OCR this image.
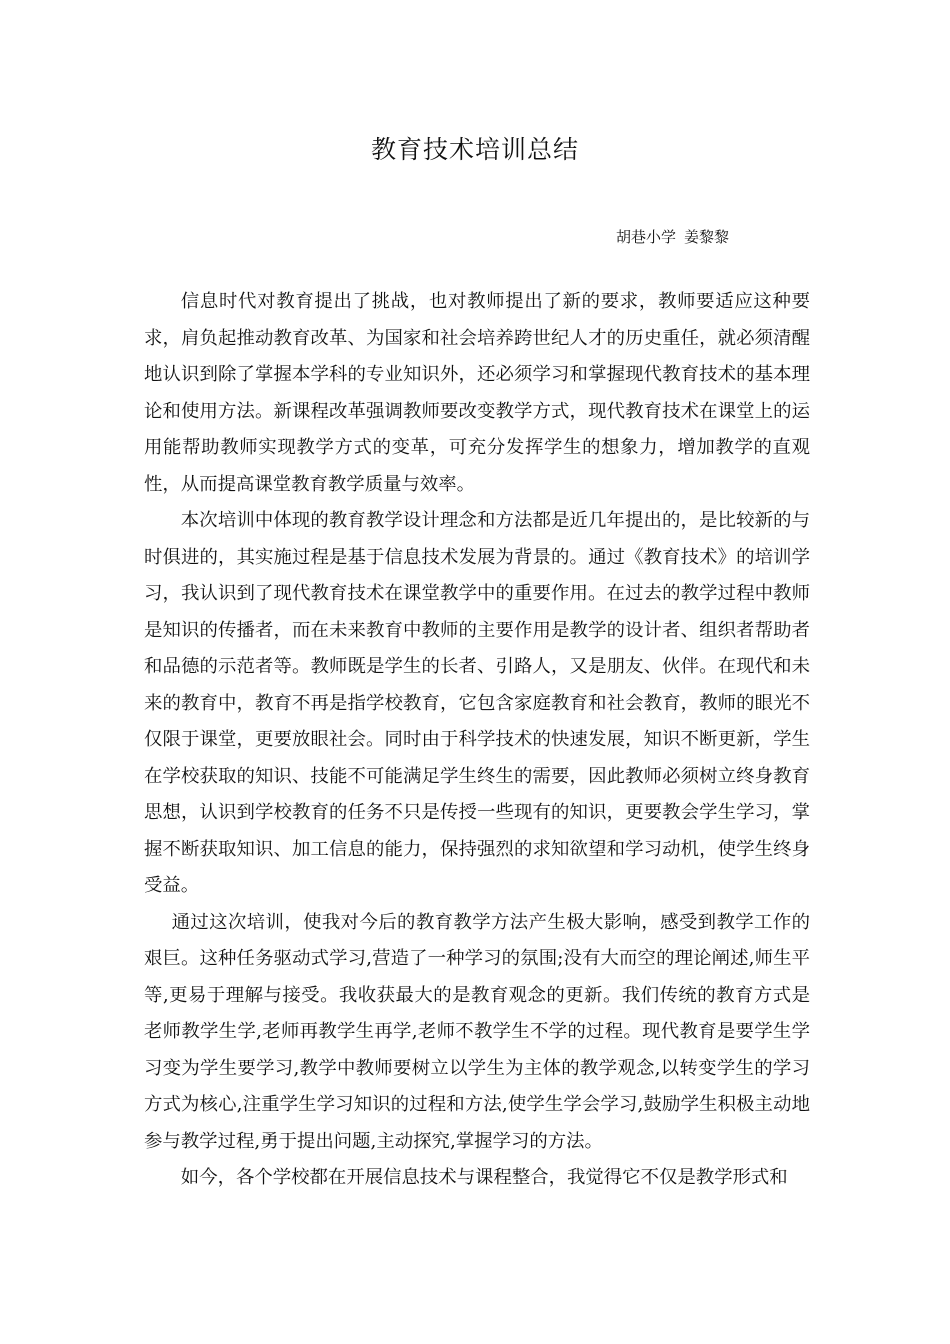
教育技术培训总结
胡巷小学 姜黎黎

信息时代对教育提出了挑战，也对教师提出了新的要求，教师要适应这种要求，肩负起推动教育改革、为国家和社会培养跨世纪人才的历史重任，就必须清醒地认识到除了掌握本学科的专业知识外，还必须学习和掌握现代教育技术的基本理论和使用方法。新课程改革强调教师要改变教学方式，现代教育技术在课堂上的运用能帮助教师实现教学方式的变革，可充分发挥学生的想象力，增加教学的直观性，从而提高课堂教育教学质量与效率。

本次培训中体现的教育教学设计理念和方法都是近几年提出的，是比较新的与时俱进的，其实施过程是基于信息技术发展为背景的。通过《教育技术》的培训学习，我认识到了现代教育技术在课堂教学中的重要作用。在过去的教学过程中教师是知识的传播者，而在未来教育中教师的主要作用是教学的设计者、组织者帮助者和品德的示范者等。教师既是学生的长者、引路人，又是朋友、伙伴。在现代和未来的教育中，教育不再是指学校教育，它包含家庭教育和社会教育，教师的眼光不仅限于课堂，更要放眼社会。同时由于科学技术的快速发展，知识不断更新，学生在学校获取的知识、技能不可能满足学生终生的需要，因此教师必须树立终身教育思想，认识到学校教育的任务不只是传授一些现有的知识，更要教会学生学习，掌握不断获取知识、加工信息的能力，保持强烈的求知欲望和学习动机，使学生终身受益。

通过这次培训，使我对今后的教育教学方法产生极大影响，感受到教学工作的艰巨。这种任务驱动式学习,营造了一种学习的氛围;没有大而空的理论阐述,师生平等,更易于理解与接受。我收获最大的是教育观念的更新。我们传统的教育方式是老师教学生学,老师再教学生再学,老师不教学生不学的过程。现代教育是要学生学习变为学生要学习,教学中教师要树立以学生为主体的教学观念,以转变学生的学习方式为核心,注重学生学习知识的过程和方法,使学生学会学习,鼓励学生积极主动地参与教学过程,勇于提出问题,主动探究,掌握学习的方法。

如今，各个学校都在开展信息技术与课程整合，我觉得它不仅是教学形式和
